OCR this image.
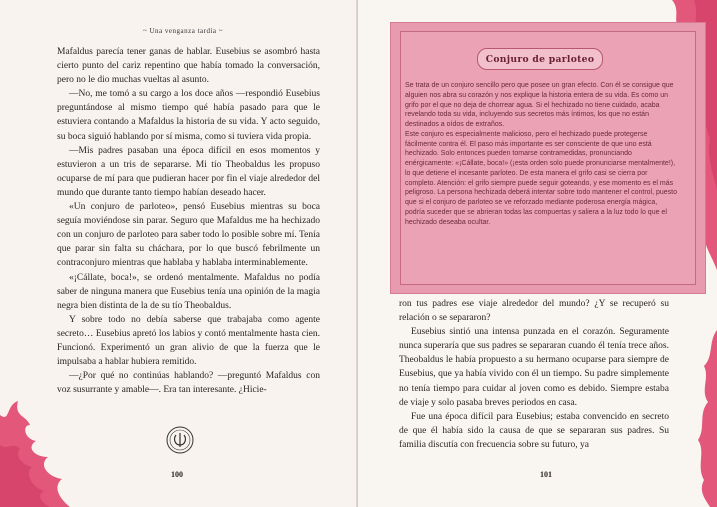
~ Una venganza tardía ~

Mafaldus parecía tener ganas de hablar. Eusebius se asombró hasta cierto punto del cariz repentino que había tomado la conversación, pero no le dio muchas vueltas al asunto.

—No, me tomó a su cargo a los doce años —respondió Eusebius preguntándose al mismo tiempo qué había pasado para que le estuviera contando a Mafaldus la historia de su vida. Y acto seguido, su boca siguió hablando por sí misma, como si tuviera vida propia.

—Mis padres pasaban una época difícil en esos momentos y estuvieron a un tris de separarse. Mi tío Theobaldus les propuso ocuparse de mí para que pudieran hacer por fin el viaje alrededor del mundo que durante tanto tiempo habían deseado hacer.

«Un conjuro de parloteo», pensó Eusebius mientras su boca seguía moviéndose sin parar. Seguro que Mafaldus me ha hechizado con un conjuro de parloteo para saber todo lo posible sobre mí. Tenía que parar sin falta su cháchara, por lo que buscó febrilmente un contraconjuro mientras que hablaba y hablaba interminablemente.

«¡Cállate, boca!», se ordenó mentalmente. Mafaldus no podía saber de ninguna manera que Eusebius tenía una opinión de la magia negra bien distinta de la de su tío Theobaldus.

Y sobre todo no debía saberse que trabajaba como agente secreto… Eusebius apretó los labios y contó mentalmente hasta cien. Funcionó. Experimentó un gran alivio de que la fuerza que le impulsaba a hablar hubiera remitido.

—¿Por qué no continúas hablando? —preguntó Mafaldus con voz susurrante y amable—. Era tan interesante. ¿Hicie-

100
Conjuro de parloteo

Se trata de un conjuro sencillo pero que posee un gran efecto. Con él se consigue que alguien nos abra su corazón y nos explique la historia entera de su vida. Es como un grifo por el que no deja de chorrear agua. Si el hechizado no tiene cuidado, acaba revelando toda su vida, incluyendo sus secretos más íntimos, los que no están destinados a oídos de extraños.

Este conjuro es especialmente malicioso, pero el hechizado puede protegerse fácilmente contra él. El paso más importante es ser consciente de que uno está hechizado. Solo entonces pueden tomarse contramedidas, pronunciando enérgicamente: «¡Cállate, boca!» (¡esta orden solo puede pronunciarse mentalmente!), lo que detiene el incesante parloteo. De esta manera el grifo casi se cierra por completo. Atención: el grifo siempre puede seguir goteando, y ese momento es el más peligroso. La persona hechizada deberá intentar sobre todo mantener el control, puesto que si el conjuro de parloteo se ve reforzado mediante poderosa energía mágica, podría suceder que se abrieran todas las compuertas y saliera a la luz todo lo que el hechizado deseaba ocultar.

ron tus padres ese viaje alrededor del mundo? ¿Y se recuperó su relación o se separaron?

Eusebius sintió una intensa punzada en el corazón. Seguramente nunca superaría que sus padres se separaran cuando él tenía trece años. Theobaldus le había propuesto a su hermano ocuparse para siempre de Eusebius, que ya había vivido con él un tiempo. Su padre simplemente no tenía tiempo para cuidar al joven como es debido. Siempre estaba de viaje y solo pasaba breves periodos en casa.

Fue una época difícil para Eusebius; estaba convencido en secreto de que él había sido la causa de que se separaran sus padres. Su familia discutía con frecuencia sobre su futuro, ya

101
